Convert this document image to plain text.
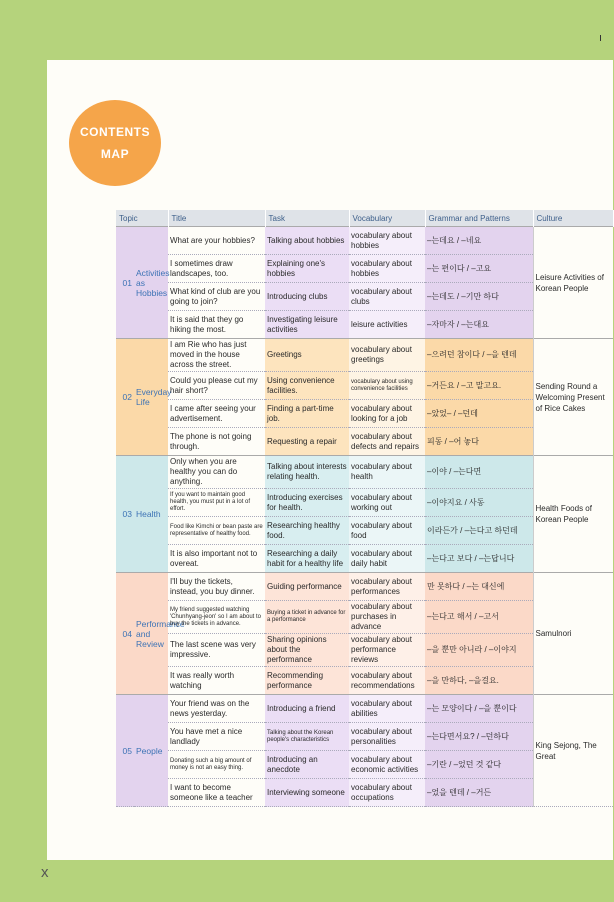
CONTENTS
MAP
Topic		Title	Task	Vocabulary	Grammar and Patterns	Culture
01	Activities as Hobbies	What are your hobbies?	Talking about hobbies	vocabulary about hobbies	–는데요 / –네요	Leisure Activities of Korean People
		I sometimes draw landscapes, too.	Explaining one's hobbies	vocabulary about hobbies	–는 편이다 / –고요	
		What kind of club are you going to join?	Introducing clubs	vocabulary about clubs	–는데도 / –기만 하다	
		It is said that they go hiking the most.	Investigating leisure activities	leisure activities	–자마자 / –는대요	
02	Everyday Life	I am Rie who has just moved in the house across the street.	Greetings	vocabulary about greetings	–으려던 참이다 / –을 텐데	Sending Round a Welcoming Present of Rice Cakes
		Could you please cut my hair short?	Using convenience facilities.	vocabulary about using convenience facilities	–거든요 / –고 말고요.	
		I came after seeing your advertisement.	Finding a part-time job.	vocabulary about looking for a job	–았었– / –던데	
		The phone is not going through.	Requesting a repair	vocabulary about defects and repairs	피동 / –어 놓다	
03	Health	Only when you are healthy you can do anything.	Talking about interests relating health.	vocabulary about health	–이야 / –는다면	Health Foods of Korean People
		If you want to maintain good health, you must put in a lot of effort.	Introducing exercises for health.	vocabulary about working out	–이야지요 / 사동	
		Food like Kimchi or bean paste are representative of healthy food.	Researching healthy food.	vocabulary about food	이라든가 / –는다고 하던데	
		It is also important not to overeat.	Researching a daily habit for a healthy life	vocabulary about daily habit	–는다고 보다 / –는답니다	
04	Performance and Review	I'll buy the tickets, instead, you buy dinner.	Guiding performance	vocabulary about performances	만 못하다 / –는 대신에	Samulnori
		My friend suggested watching 'Chunhyang-jeon' so I am about to buy the tickets in advance.	Buying a ticket in advance for a performance	vocabulary about purchases in advance	–는다고 해서 / –고서	
		The last scene was very impressive.	Sharing opinions about the performance	vocabulary about performance reviews	–을 뿐만 아니라 / –이야지	
		It was really worth watching	Recommending performance	vocabulary about recommendations	–을 만하다, –을걸요.	
05	People	Your friend was on the news yesterday.	Introducing a friend	vocabulary about abilities	–는 모양이다 / –을 뿐이다	King Sejong, The Great
		You have met a nice landlady	Talking about the Korean people's characteristics	vocabulary about personalities	–는다면서요? / –던하다	
		Donating such a big amount of money is not an easy thing.	Introducing an anecdote	vocabulary about economic activities	–기란 / –었던 것 같다	
		I want to become someone like a teacher	Interviewing someone	vocabulary about occupations	–었을 텐데 / –거든	
x
